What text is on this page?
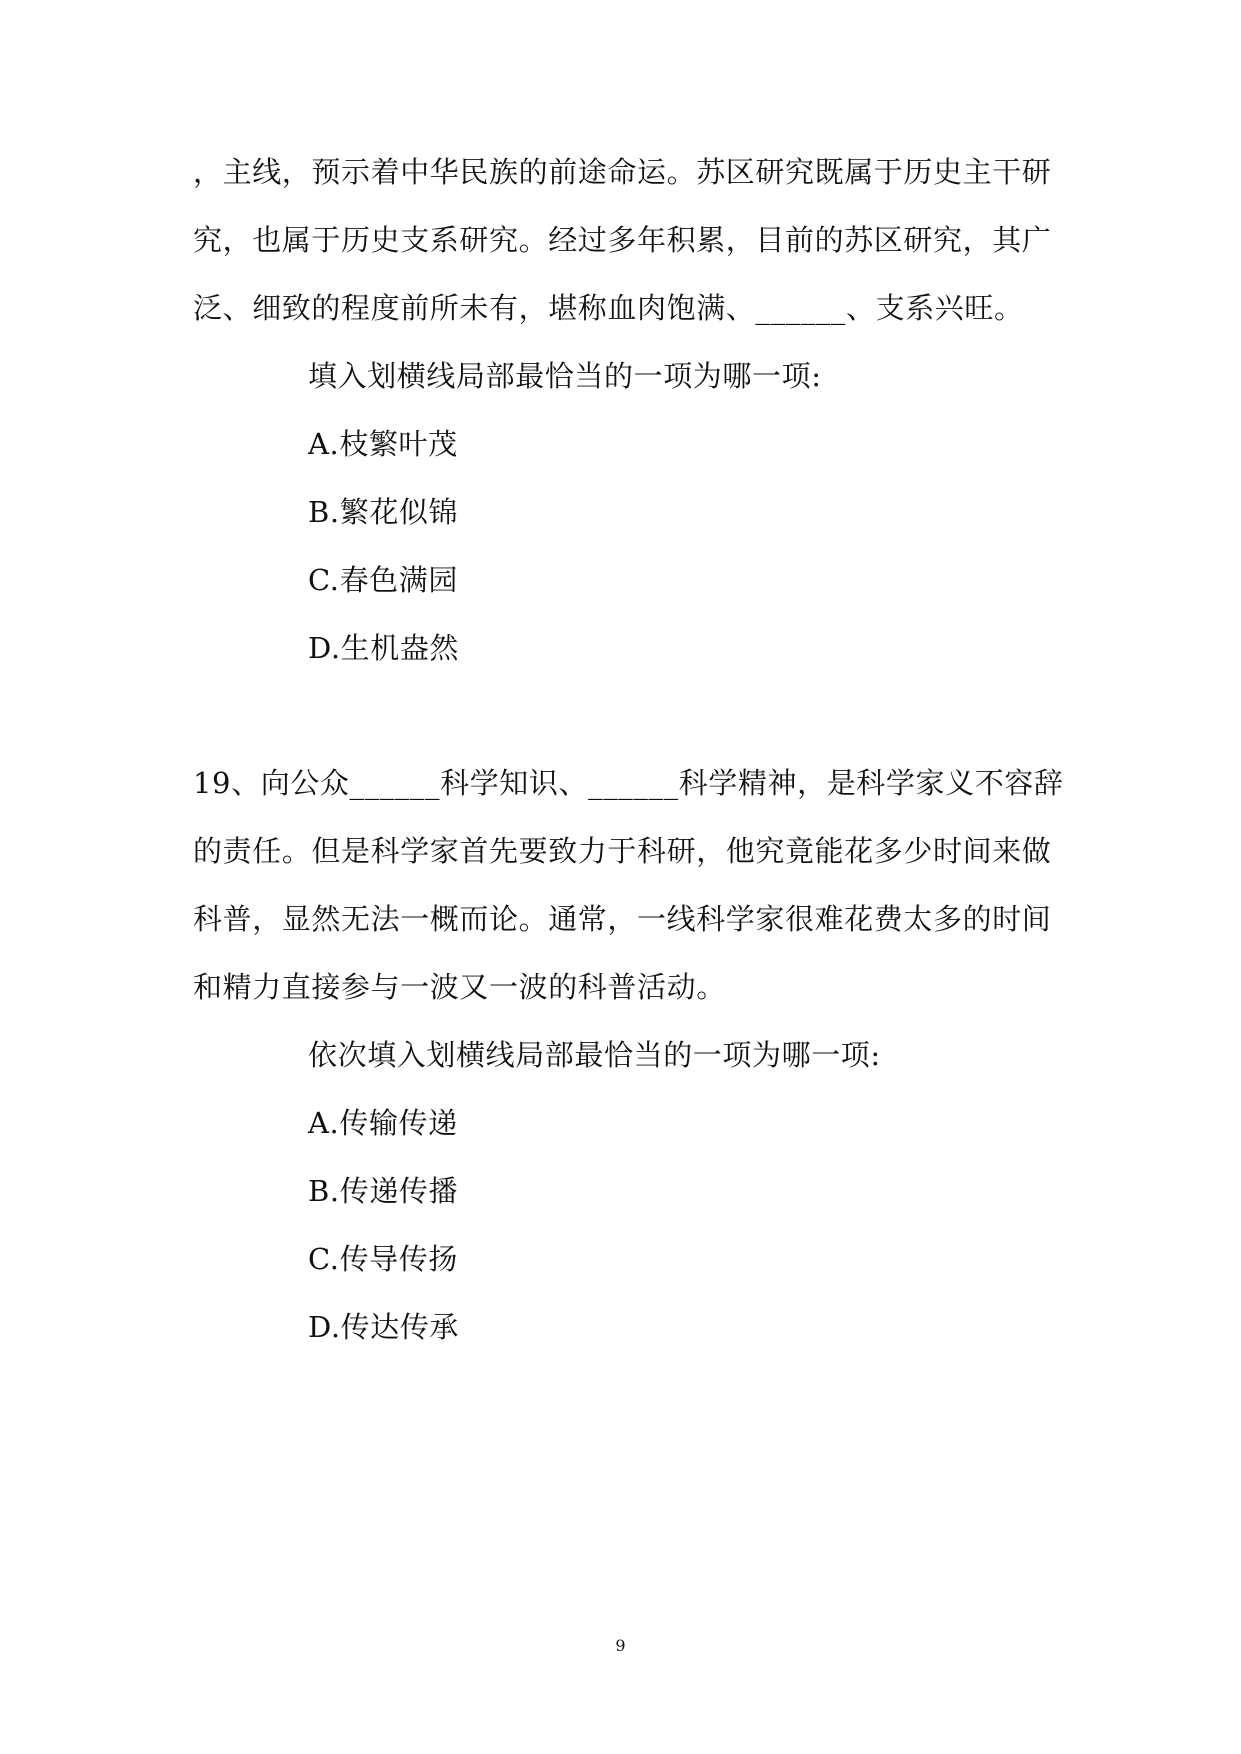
，主线，预示着中华民族的前途命运。苏区研究既属于历史主干研
究，也属于历史支系研究。经过多年积累，目前的苏区研究，其广
泛、细致的程度前所未有，堪称血肉饱满、______、支系兴旺。
填入划横线局部最恰当的一项为哪一项:
A.枝繁叶茂
B.繁花似锦
C.春色满园
D.生机盎然
19、向公众______科学知识、______科学精神，是科学家义不容辞
的责任。但是科学家首先要致力于科研，他究竟能花多少时间来做
科普，显然无法一概而论。通常，一线科学家很难花费太多的时间
和精力直接参与一波又一波的科普活动。
依次填入划横线局部最恰当的一项为哪一项:
A.传输传递
B.传递传播
C.传导传扬
D.传达传承
9
